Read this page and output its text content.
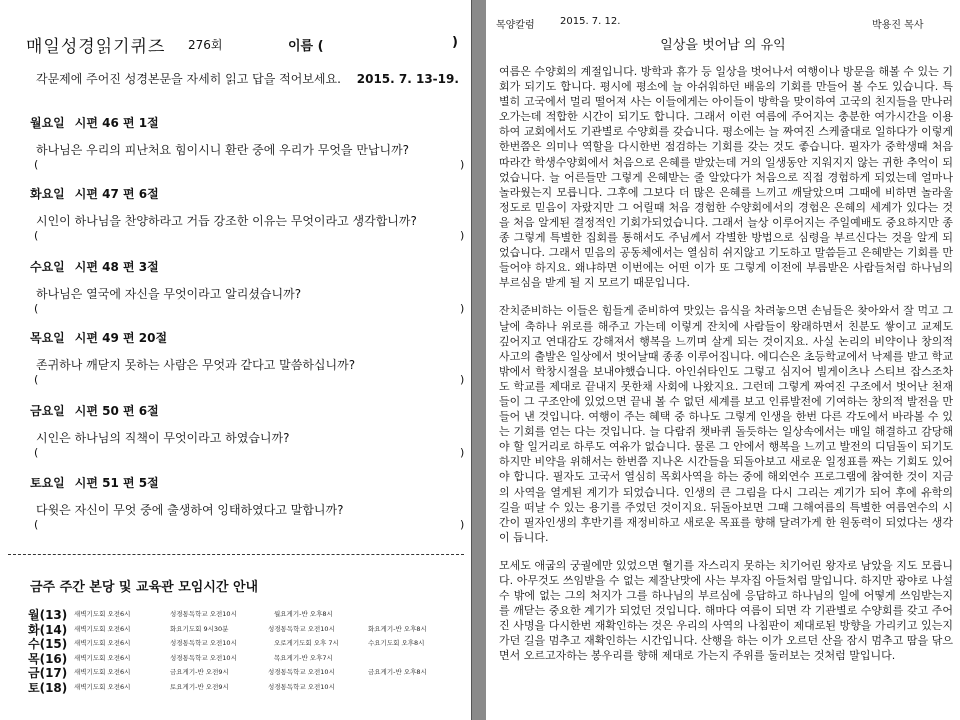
매일성경읽기퀴즈 276회	이름 (	)
각문제에 주어진 성경본문을 자세히 읽고 답을 적어보세요. 2015. 7. 13-19.
월요일 시편 46 편 1절
하나님은 우리의 피난처요 힘이시니 환란 중에 우리가 무엇을 만납니까?
(	)
화요일 시편 47 편 6절
시인이 하나님을 찬양하라고 거듭 강조한 이유는 무엇이라고 생각합니까?
(	)
수요일 시편 48 편 3절
하나님은 열국에 자신을 무엇이라고 알리셨습니까?
(	)
목요일 시편 49 편 20절
존귀하나 깨닫지 못하는 사람은 무엇과 같다고 말씀하십니까?
(	)
금요일 시편 50 편 6절
시인은 하나님의 직책이 무엇이라고 하였습니까?
(	)
토요일 시편 51 편 5절
다윗은 자신이 무엇 중에 출생하여 잉태하였다고 말합니까?
(	)
금주 주간 본당 및 교육관 모임시간 안내
월(13) 새벽기도회 오전6시	성경통독학교 오전10시	월요게기-반 오후8시
화(14) 새벽기도회 오전6시	화요기도회 9시30분	성경통독학교 오전10시	화요게기-반 오후8시
수(15) 새벽기도회 오전6시	성경통독학교 오전10시	오로게기도회 오후 7시	수요기도회 오후8시
목(16) 새벽기도회 오전6시	성경통독학교 오전10시	목요게기-반 오후7시
금(17) 새벽기도회 오전6시	금요게기-반 오전9시	성경통독학교 오전10시	금요게기-반 오후8시
토(18) 새벽기도회 오전6시	토요게기-반 오전9시	성경통독학교 오전10시
목양칼럼	2015. 7. 12.	박용진 목사
일상을 벗어남 의 유익

여름은 수양회의 계절입니다. 방학과 휴가 등 일상을 벗어나서 여행이나 방문을 해볼 수 있는 기회가 되기도 합니다. 평시에 평소에 늘 아쉬워하던 배움의 기회를 만들어 볼 수도 있습니다. 특별히 고국에서 멀리 떨어져 사는 이들에게는 아이들이 방학을 맞이하여 고국의 친지들을 만나러 오가는데 적합한 시간이 되기도 합니다. 그래서 이런 여름에 주어지는 충분한 여가시간을 이용하여 교회에서도 기관별로 수양회를 갖습니다. 평소에는 늘 짜여진 스케쥴대로 일하다가 이렇게 한번쯤은 의미나 역할을 다시한번 점검하는 기회를 갖는 것도 좋습니다. 필자가 중학생때 처음 따라간 학생수양회에서 처음으로 은혜를 받았는데 거의 일생동안 지워지지 않는 귀한 추억이 되었습니다. 늘 어른들만 그렇게 은혜받는 줄 알았다가 처음으로 직접 경험하게 되었는데 얼마나 놀라웠는지 모릅니다. 그후에 그보다 더 많은 은혜를 느끼고 깨달았으며 그때에 비하면 놀라울 정도로 믿음이 자랐지만 그 어릴때 처음 경험한 수양회에서의 경험은 은혜의 세계가 있다는 것을 처음 알게된 결정적인 기회가되었습니다. 그래서 늘상 이루어지는 주일예배도 중요하지만 종종 그렇게 특별한 집회를 통해서도 주님께서 각별한 방법으로 심령을 부르신다는 것을 알게 되었습니다. 그래서 믿음의 공동체에서는 열심히 쉬지않고 기도하고 말씀듣고 은혜받는 기회를 만들어야 하지요. 왜냐하면 이번에는 어떤 이가 또 그렇게 이전에 부름받은 사람들처럼 하나님의 부르심을 받게 될 지 모르기 때문입니다.

잔치준비하는 이들은 힘들게 준비하여 맛있는 음식을 차려놓으면 손님들은 찾아와서 잘 먹고 그날에 축하나 위로를 해주고 가는데 이렇게 잔치에 사람들이 왕래하면서 친분도 쌓이고 교제도 깊어지고 연대감도 강해져서 행복을 느끼며 살게 되는 것이지요. 사실 논리의 비약이나 창의적 사고의 출발은 일상에서 벗어날때 종종 이루어집니다. 에디슨은 초등학교에서 낙제를 받고 학교밖에서 학창시절을 보내야했습니다. 아인쉬타인도 그렇고 심지어 빌게이츠나 스티브 잡스조차도 학교를 제대로 끝내지 못한채 사회에 나왔지요. 그런데 그렇게 짜여진 구조에서 벗어난 천재들이 그 구조안에 있었으면 끝내 볼 수 없던 세계를 보고 인류발전에 기여하는 창의적 발전을 만들어 낸 것입니다. 여행이 주는 혜택 중 하나도 그렇게 인생을 한번 다른 각도에서 바라볼 수 있는 기회를 얻는 다는 것입니다. 늘 다람쥐 챗바퀴 돌듯하는 일상속에서는 매일 해결하고 감당해야 할 일거리로 하루도 여유가 없습니다. 물론 그 안에서 행복을 느끼고 발전의 디딤돌이 되기도 하지만 비약을 위해서는 한번쯤 지나온 시간들을 되돌아보고 새로운 일정표를 짜는 기회도 있어야 합니다. 필자도 고국서 열심히 목회사역을 하는 중에 해외연수 프로그램에 참여한 것이 지금의 사역을 열게된 계기가 되었습니다. 인생의 큰 그림을 다시 그리는 계기가 되어 후에 유학의 길을 떠날 수 있는 용기를 주었던 것이지요. 뒤돌아보면 그때 그해여름의 특별한 여름연수의 시간이 필자인생의 후반기를 재정비하고 새로운 목표를 향해 달려가게 한 원동력이 되었다는 생각이 듭니다.

모세도 애굽의 궁궐에만 있었으면 혈기를 자스리지 못하는 치기어린 왕자로 남았을 지도 모릅니다. 아무것도 쓰임받을 수 없는 제잘난맛에 사는 부자집 아들처럼 말입니다. 하지만 광야로 나설 수 밖에 없는 그의 처지가 그를 하나님의 부르심에 응답하고 하나님의 일에 어떻게 쓰임받는지를 깨닫는 중요한 계기가 되었던 것입니다. 해마다 여름이 되면 각 기관별로 수양회를 갖고 주어진 사명을 다시한번 재확인하는 것은 우리의 사역의 나침판이 제대로된 방향을 가리키고 있는지 가던 길을 멈추고 재확인하는 시간입니다. 산행을 하는 이가 오르던 산을 잠시 멈추고 땀을 닦으면서 오르고자하는 봉우리를 향해 제대로 가는지 주위를 둘러보는 것처럼 말입니다.
